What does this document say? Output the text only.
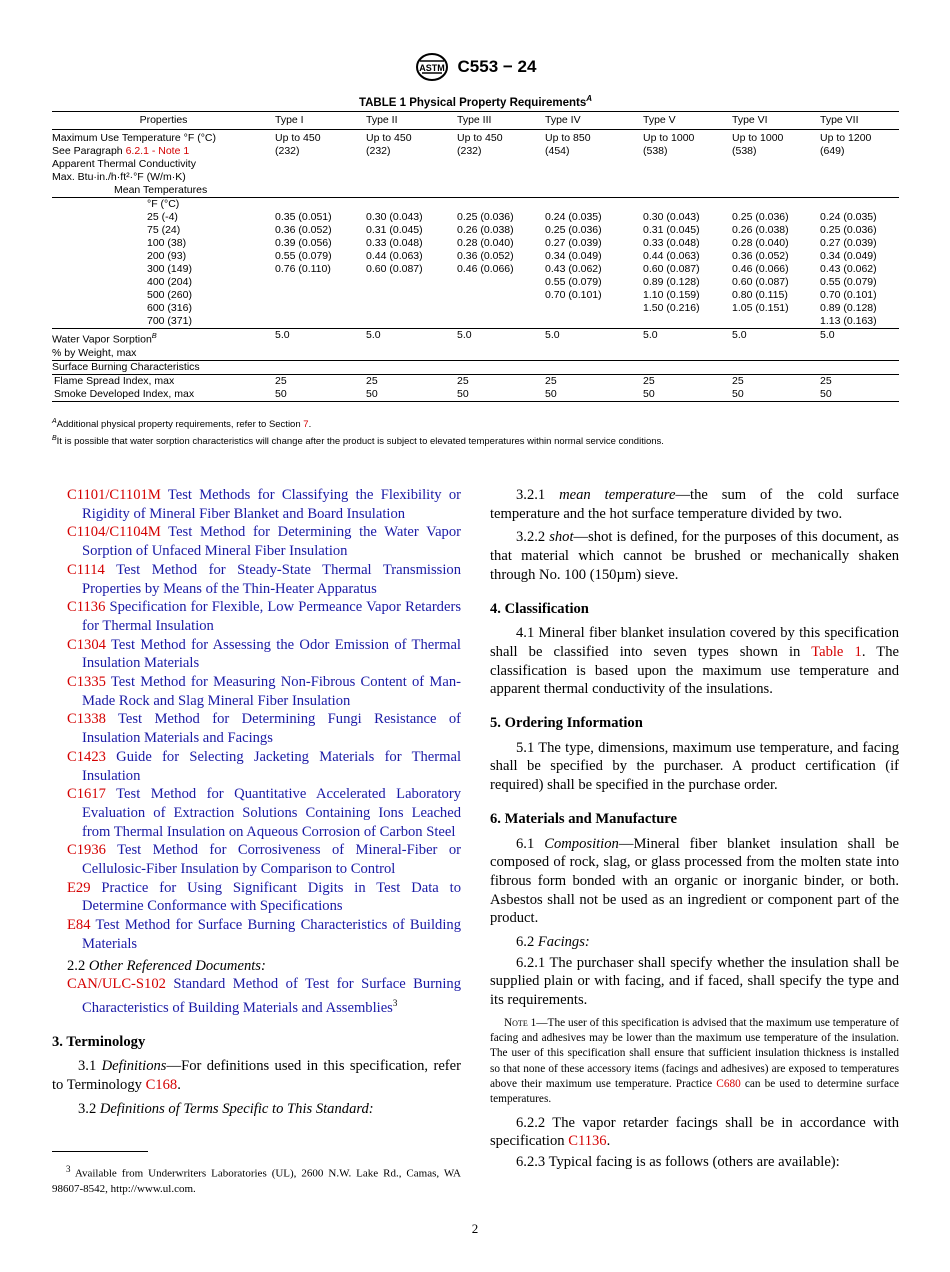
ASTM C553 − 24
TABLE 1 Physical Property Requirements$^A$
Properties	Type I	Type II	Type III	Type IV	Type V	Type VI	Type VII
Maximum Use Temperature °F (°C)	Up to 450	Up to 450	Up to 450	Up to 850	Up to 1000	Up to 1000	Up to 1200
See Paragraph 6.2.1 - Note 1	(232)	(232)	(232)	(454)	(538)	(538)	(649)
Apparent Thermal Conductivity							
Max. Btu·in./h·ft²·°F (W/m·K)							
Mean Temperatures							
°F (°C)							
25 (-4)	0.35 (0.051)	0.30 (0.043)	0.25 (0.036)	0.24 (0.035)	0.30 (0.043)	0.25 (0.036)	0.24 (0.035)
75 (24)	0.36 (0.052)	0.31 (0.045)	0.26 (0.038)	0.25 (0.036)	0.31 (0.045)	0.26 (0.038)	0.25 (0.036)
100 (38)	0.39 (0.056)	0.33 (0.048)	0.28 (0.040)	0.27 (0.039)	0.33 (0.048)	0.28 (0.040)	0.27 (0.039)
200 (93)	0.55 (0.079)	0.44 (0.063)	0.36 (0.052)	0.34 (0.049)	0.44 (0.063)	0.36 (0.052)	0.34 (0.049)
300 (149)	0.76 (0.110)	0.60 (0.087)	0.46 (0.066)	0.43 (0.062)	0.60 (0.087)	0.46 (0.066)	0.43 (0.062)
400 (204)				0.55 (0.079)	0.89 (0.128)	0.60 (0.087)	0.55 (0.079)
500 (260)				0.70 (0.101)	1.10 (0.159)	0.80 (0.115)	0.70 (0.101)
600 (316)					1.50 (0.216)	1.05 (0.151)	0.89 (0.128)
700 (371)							1.13 (0.163)
Water Vapor Sorption$^B$	5.0	5.0	5.0	5.0	5.0	5.0	5.0
% by Weight, max							
Surface Burning Characteristics							
Flame Spread Index, max	25	25	25	25	25	25	25
Smoke Developed Index, max	50	50	50	50	50	50	50
$^A$Additional physical property requirements, refer to Section 7.
$^B$It is possible that water sorption characteristics will change after the product is subject to elevated temperatures within normal service conditions.

C1101/C1101M Test Methods for Classifying the Flexibility or Rigidity of Mineral Fiber Blanket and Board Insulation

C1104/C1104M Test Method for Determining the Water Vapor Sorption of Unfaced Mineral Fiber Insulation

C1114 Test Method for Steady-State Thermal Transmission Properties by Means of the Thin-Heater Apparatus

C1136 Specification for Flexible, Low Permeance Vapor Retarders for Thermal Insulation

C1304 Test Method for Assessing the Odor Emission of Thermal Insulation Materials

C1335 Test Method for Measuring Non-Fibrous Content of Man-Made Rock and Slag Mineral Fiber Insulation

C1338 Test Method for Determining Fungi Resistance of Insulation Materials and Facings

C1423 Guide for Selecting Jacketing Materials for Thermal Insulation

C1617 Test Method for Quantitative Accelerated Laboratory Evaluation of Extraction Solutions Containing Ions Leached from Thermal Insulation on Aqueous Corrosion of Carbon Steel

C1936 Test Method for Corrosiveness of Mineral-Fiber or Cellulosic-Fiber Insulation by Comparison to Control

E29 Practice for Using Significant Digits in Test Data to Determine Conformance with Specifications

E84 Test Method for Surface Burning Characteristics of Building Materials

2.2 Other Referenced Documents:

CAN/ULC-S102 Standard Method of Test for Surface Burning Characteristics of Building Materials and Assemblies$^3$

3. Terminology

3.1 Definitions—For definitions used in this specification, refer to Terminology C168.

3.2 Definitions of Terms Specific to This Standard:

$^3$ Available from Underwriters Laboratories (UL), 2600 N.W. Lake Rd., Camas, WA 98607-8542, http://www.ul.com.

3.2.1 mean temperature—the sum of the cold surface temperature and the hot surface temperature divided by two.

3.2.2 shot—shot is defined, for the purposes of this document, as that material which cannot be brushed or mechanically shaken through No. 100 (150µm) sieve.

4. Classification

4.1 Mineral fiber blanket insulation covered by this specification shall be classified into seven types shown in Table 1. The classification is based upon the maximum use temperature and apparent thermal conductivity of the insulations.

5. Ordering Information

5.1 The type, dimensions, maximum use temperature, and facing shall be specified by the purchaser. A product certification (if required) shall be specified in the purchase order.

6. Materials and Manufacture

6.1 Composition—Mineral fiber blanket insulation shall be composed of rock, slag, or glass processed from the molten state into fibrous form bonded with an organic or inorganic binder, or both. Asbestos shall not be used as an ingredient or component part of the product.

6.2 Facings:

6.2.1 The purchaser shall specify whether the insulation shall be supplied plain or with facing, and if faced, shall specify the type and its requirements.

Note 1—The user of this specification is advised that the maximum use temperature of facing and adhesives may be lower than the maximum use temperature of the insulation. The user of this specification shall ensure that sufficient insulation thickness is installed so that none of these accessory items (facings and adhesives) are exposed to temperatures above their maximum use temperature. Practice C680 can be used to determine surface temperatures.

6.2.2 The vapor retarder facings shall be in accordance with specification C1136.

6.2.3 Typical facing is as follows (others are available):

2
